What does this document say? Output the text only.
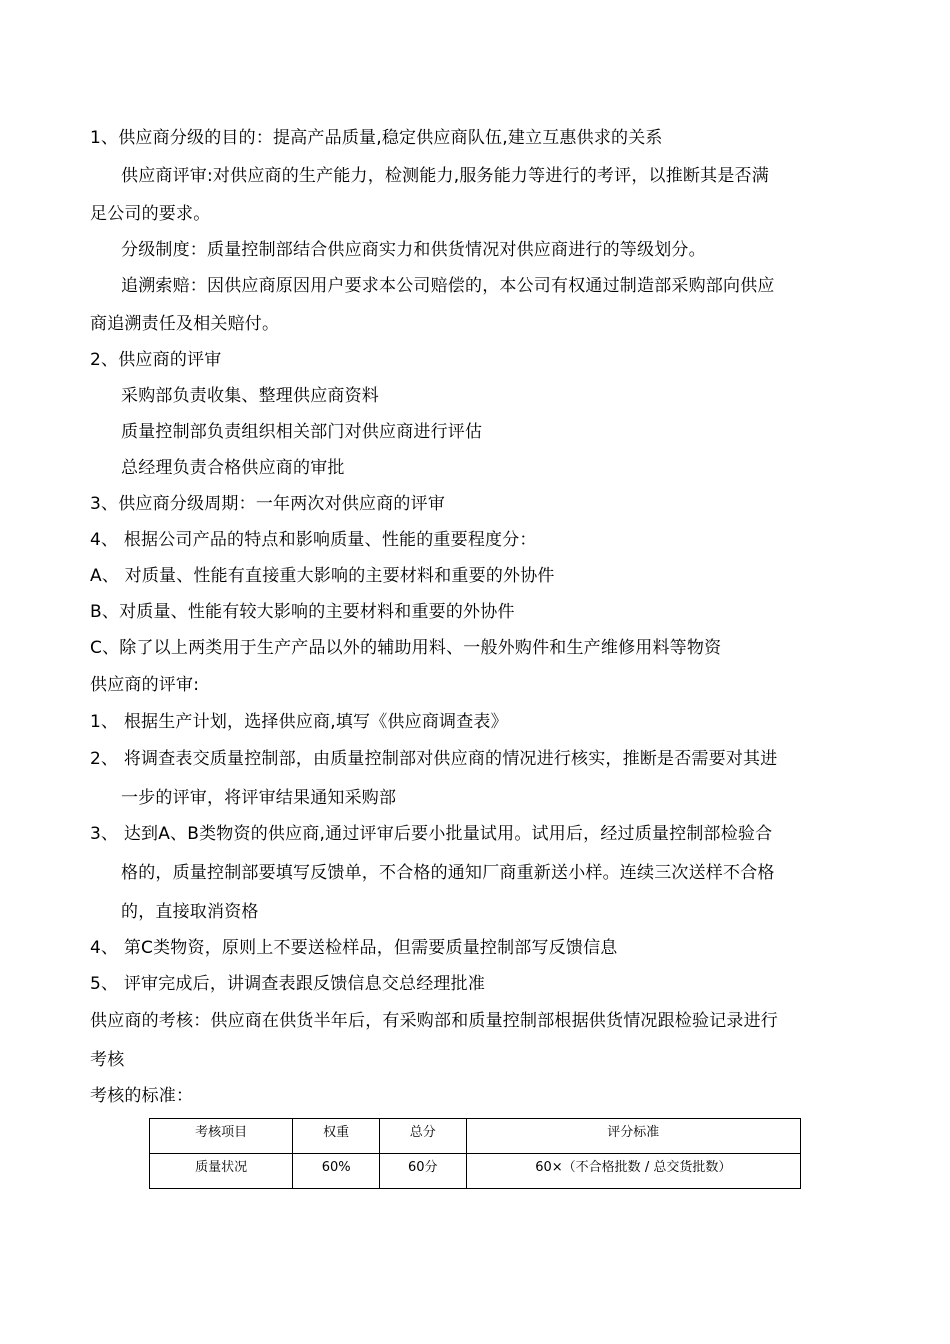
1、供应商分级的目的：提高产品质量,稳定供应商队伍,建立互惠供求的关系
供应商评审:对供应商的生产能力，检测能力,服务能力等进行的考评，以推断其是否满
足公司的要求。
分级制度：质量控制部结合供应商实力和供货情况对供应商进行的等级划分。
追溯索赔：因供应商原因用户要求本公司赔偿的，本公司有权通过制造部采购部向供应
商追溯责任及相关赔付。
2、供应商的评审
采购部负责收集、整理供应商资料
质量控制部负责组织相关部门对供应商进行评估
总经理负责合格供应商的审批
3、供应商分级周期：一年两次对供应商的评审
4、 根据公司产品的特点和影响质量、性能的重要程度分：
A、 对质量、性能有直接重大影响的主要材料和重要的外协件
B、对质量、性能有较大影响的主要材料和重要的外协件
C、除了以上两类用于生产产品以外的辅助用料、一般外购件和生产维修用料等物资
供应商的评审:
1、 根据生产计划，选择供应商,填写《供应商调查表》
2、 将调查表交质量控制部，由质量控制部对供应商的情况进行核实，推断是否需要对其进
一步的评审，将评审结果通知采购部
3、 达到A、B类物资的供应商,通过评审后要小批量试用。试用后，经过质量控制部检验合
格的，质量控制部要填写反馈单，不合格的通知厂商重新送小样。连续三次送样不合格
的，直接取消资格
4、 第C类物资，原则上不要送检样品，但需要质量控制部写反馈信息
5、 评审完成后，讲调查表跟反馈信息交总经理批准
供应商的考核：供应商在供货半年后，有采购部和质量控制部根据供货情况跟检验记录进行
考核
考核的标准：
考核项目	权重	总分	评分标准
质量状况	60%	60分	60×（不合格批数 / 总交货批数）
